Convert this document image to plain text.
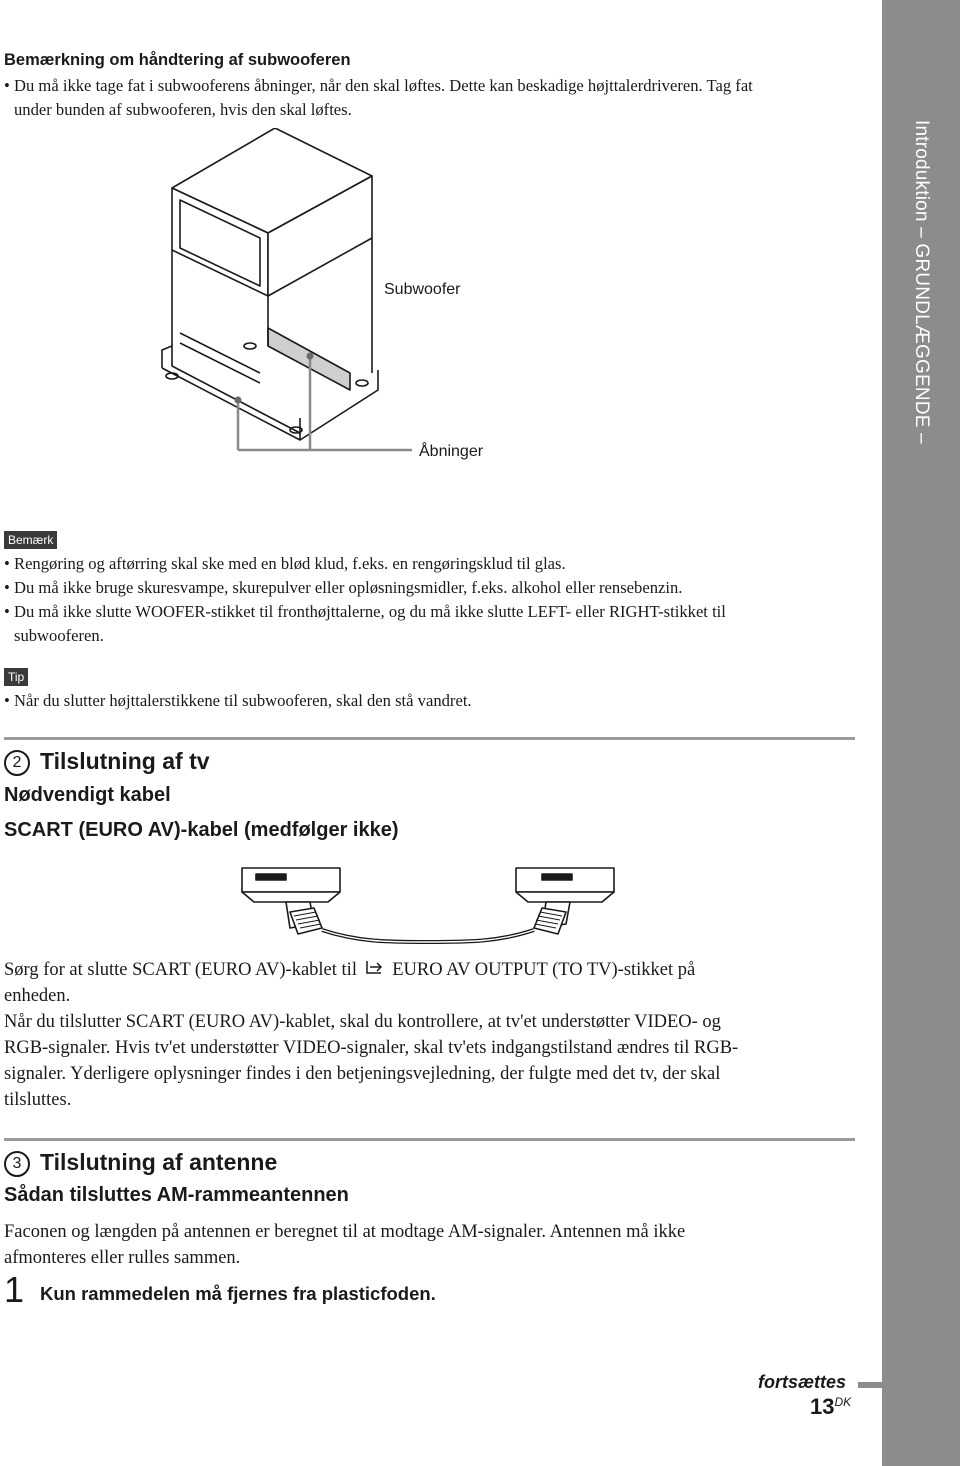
Introduktion – GRUNDLÆGGENDE –
Bemærkning om håndtering af subwooferen
• Du må ikke tage fat i subwooferens åbninger, når den skal løftes. Dette kan beskadige højttalerdriveren. Tag fat
under bunden af subwooferen, hvis den skal løftes.
Subwoofer
Åbninger
Bemærk
• Rengøring og aftørring skal ske med en blød klud, f.eks. en rengøringsklud til glas.
• Du må ikke bruge skuresvampe, skurepulver eller opløsningsmidler, f.eks. alkohol eller rensebenzin.
• Du må ikke slutte WOOFER-stikket til fronthøjttalerne, og du må ikke slutte LEFT- eller RIGHT-stikket til
subwooferen.
Tip
• Når du slutter højttalerstikkene til subwooferen, skal den stå vandret.
2 Tilslutning af tv
Nødvendigt kabel
SCART (EURO AV)-kabel (medfølger ikke)
Sørg for at slutte SCART (EURO AV)-kablet til EURO AV OUTPUT (TO TV)-stikket på
enheden.
Når du tilslutter SCART (EURO AV)-kablet, skal du kontrollere, at tv'et understøtter VIDEO- og
RGB-signaler. Hvis tv'et understøtter VIDEO-signaler, skal tv'ets indgangstilstand ændres til RGB-
signaler. Yderligere oplysninger findes i den betjeningsvejledning, der fulgte med det tv, der skal
tilsluttes.
3 Tilslutning af antenne
Sådan tilsluttes AM-rammeantennen
Faconen og længden på antennen er beregnet til at modtage AM-signaler. Antennen må ikke
afmonteres eller rulles sammen.
1 Kun rammedelen må fjernes fra plasticfoden.
fortsættes
$13^{DK}$
